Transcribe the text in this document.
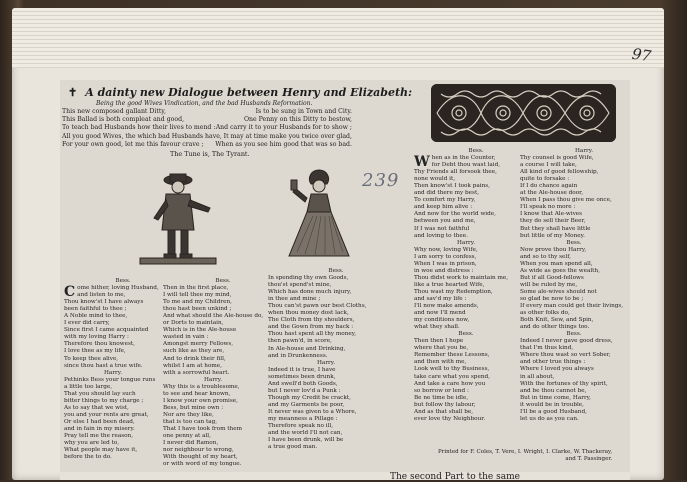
97
✝ A dainty new Dialogue between Henry and Elizabeth:
Being the good Wives Vindication, and the bad Husbands Reformation.
This new composed gallant Ditty,	Is to be sung in Town and City.
This Ballad is both compleat and good,	One Penny on this Ditty to bestow,
To teach bad Husbands how their lives to mend : And carry it to your Husbands for to show ;
All you good Wives, the which bad Husbands have, It may at time make you twice over glad,
For your own good, let me this favour crave ; When as you see him good that was so bad.
The Tune is, The Tyrant.
239
Bess.
C ome hither, loving Husband,
and listen to me,
Thou know'st I have always
been faithful to thee ;
A Noble mind to thee,
I ever did carry,
Since first I came acquainted
with my loving Harry :
Therefore thou knowest,
I love thee as my life,
To keep thee alive,
since thou hast a true wife.
Harry.
Pethinks Bess your tongue runs
a little too large,
That you should lay such
bitter things to my charge ;
As to say that we wist,
you and your rents are great,
Or else I had been dead,
and in fain in my misery.
Pray tell me the reason,
why you are led to,
What people may have it,
before the to do.
Bess.
Then in the first place,
I will tell thee my mind,
To me and my Children,
thou hast been unkind ;
And what should the Ale-house do,
or Dorts to maintain,
Which is in the Ale-house
wasted in vain :
Amongst merry Fellows,
such like as they are,
And to drink their fill,
whilst I am at home,
with a sorrowful heart.
Harry.
Why this is a troublesome,
to see and hear known,
I know your own promise,
Bess, but mine own :
Nor are they like,
that is too can tag,
That I have took from them
one penny at all,
I never did Ramon,
nor neighbour to wrong,
With thought of my heart,
or with word of my tongue.
Bess.
In spending thy own Goods,
thou'st spend'st mine,
Which has done much injury,
in thee and mine ;
Thou can'st pawn our best Cloths,
when thou money dost lack,
The Cloth from thy shoulders,
and the Gown from my back :
Thou hast spent all thy money,
then pawn'd, in score,
In Ale-house and Drinking,
and in Drunkenness.
Harry.
Indeed it is true, I have
sometimes been drunk,
And swell'd both Goods,
but I never lov'd a Punk :
Though my Credit be crackt,
and my Garments be poor,
It never was given to a Whore,
my meanness a Pillage :
Therefore speak no ill,
and the world I'll not can,
I have been drunk, will be
a true good man.
Bess.
W hen as in the Counter,
for Debt thou wast laid,
Thy Friends all forsook thee,
none would it,
Then know'st I took pains,
and did there my best,
To comfort my Harry,
and keep him alive :
And now for the world wide,
between you and me,
If I was not faithful
and loving to thee.
Harry.
Why now, loving Wife,
I am sorry to confess,
When I was in prison,
in woe and distress :
Thou didst work to maintain me,
like a true hearted Wife,
Thou wast my Redemption,
and sav'd my life :
I'll now make amends,
and now I'll mend
my conditions now,
what they shall.
Bess.
Then then I hope
where that you be,
Remember these Lessons,
and then with me,
Look well to thy Business,
take care what you spend,
And take a care how you
so borrow or lend :
Be ne time be idle,
but follow thy labour,
And as that shall be,
ever love thy Neighbour.
Harry.
Thy counsel is good Wife,
a course I will take,
All kind of good fellowship,
quite to forsake :
If I do chance again
at the Ale-house door,
When I pass thou give me once,
I'll speak no more :
I know that Ale-wives
they do sell their Beer,
But they shall have little
but little of my Money.
Bess.
Now prove thou Harry,
and so to thy self,
When you man spend all,
As wide as goes the wealth,
But if all Good-fellows
will be ruled by me,
Some ale-wives should not
so glad be now to be ;
If every man could get their livings,
as other folks do,
Both Knit, Sew, and Spin,
and do other things too.
Bess.
Indeed I never gave good dress,
that I'm thus kind,
Where thou wast so vert Sober,
and other true things :
Where I loved you always
in all about,
With the fortunes of thy spirit,
and be thou cannot be,
But in time come, Harry,
it would be in trouble,
I'll be a good Husband,
let us do as you can.
Printed for F. Coles, T. Vere, I. Wright, I. Clarke, W. Thackeray,
and T. Passinger.
The second Part to the same
